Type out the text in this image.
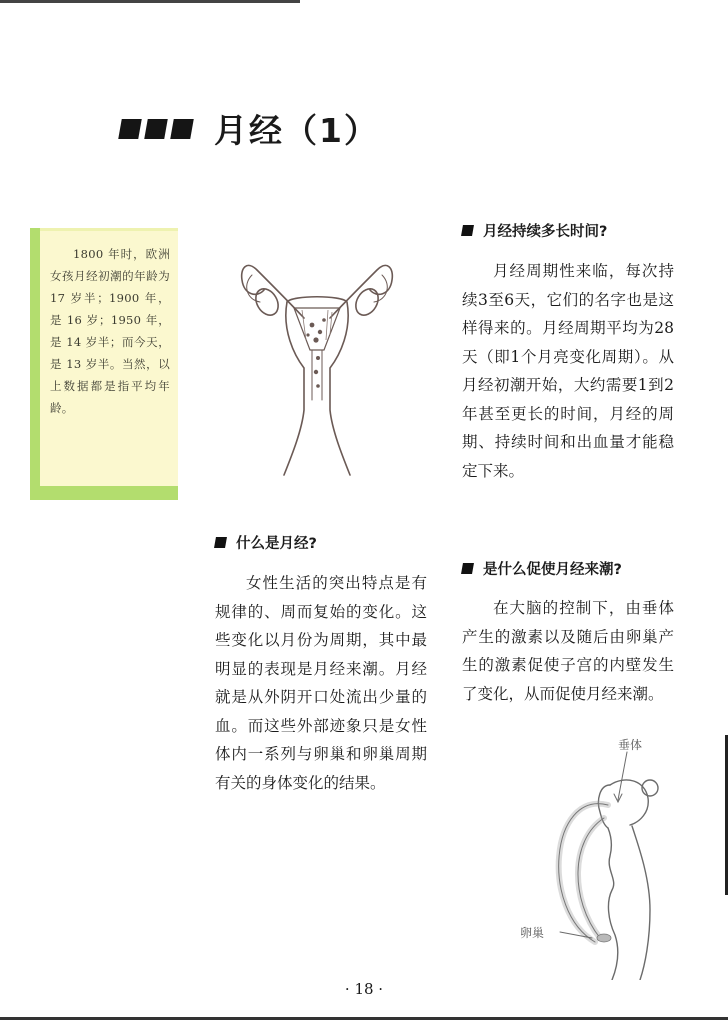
月经（1）

1800 年时，欧洲女孩月经初潮的年龄为 17 岁半；1900 年，是 16 岁；1950 年，是 14 岁半；而今天，是 13 岁半。当然，以上数据都是指平均年龄。

月经持续多长时间?

月经周期性来临，每次持续3至6天，它们的名字也是这样得来的。月经周期平均为28天（即1个月亮变化周期）。从月经初潮开始，大约需要1到2年甚至更长的时间，月经的周期、持续时间和出血量才能稳定下来。

什么是月经?

女性生活的突出特点是有规律的、周而复始的变化。这些变化以月份为周期，其中最明显的表现是月经来潮。月经就是从外阴开口处流出少量的血。而这些外部迹象只是女性体内一系列与卵巢和卵巢周期有关的身体变化的结果。

是什么促使月经来潮?

在大脑的控制下，由垂体产生的激素以及随后由卵巢产生的激素促使子宫的内壁发生了变化，从而促使月经来潮。

垂体
卵巢
· 18 ·
